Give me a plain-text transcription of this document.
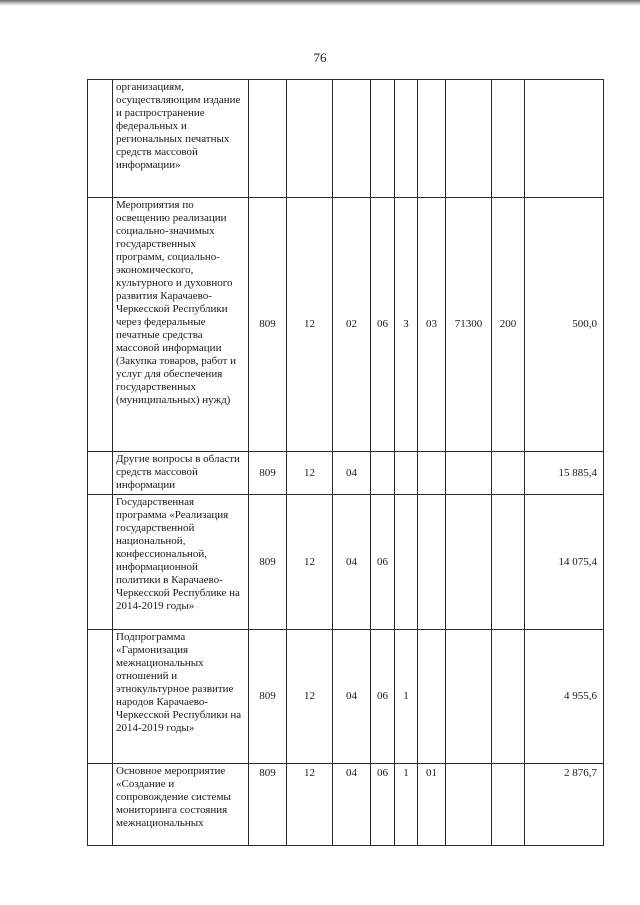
76
	организациям, осуществляющим издание и распространение федеральных и региональных печатных средств массовой информации»									
	Мероприятия по освещению реализации социально-значимых государственных программ, социально-экономического, культурного и духовного развития Карачаево-Черкесской Республики через федеральные печатные средства массовой информации (Закупка товаров, работ и услуг для обеспечения государственных (муниципальных) нужд)	809	12	02	06	3	03	71300	200	500,0
	Другие вопросы в области средств массовой информации	809	12	04						15 885,4
	Государственная программа «Реализация государственной национальной, конфессиональной, информационной политики в Карачаево-Черкесской Республике на 2014-2019 годы»	809	12	04	06					14 075,4
	Подпрограмма «Гармонизация межнациональных отношений и этнокультурное развитие народов Карачаево-Черкесской Республики на 2014-2019 годы»	809	12	04	06	1				4 955,6
	Основное мероприятие «Создание и сопровождение системы мониторинга состояния межнациональных	809	12	04	06	1	01			2 876,7
